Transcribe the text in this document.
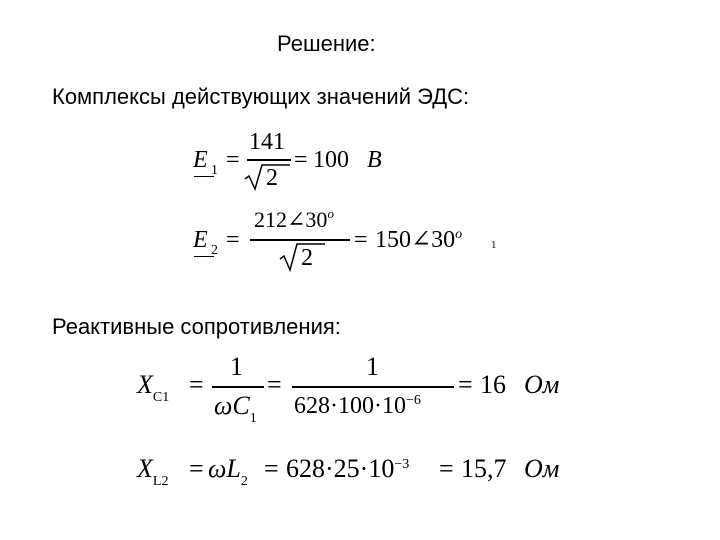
Решение:
Комплексы действующих значений ЭДС:
Реактивные сопротивления:
E 1 =
141
2
= 100 В
E 2 =
$212\angle 30^o$
2
= $150\angle 30^o$
1
$X_{C1}$ =
1
$\omega C_1$
=
1
$628\cdot 100\cdot 10^{-6}$
= 16 Ом
$X_{L2} = \omega L_2 = 628\cdot 25\cdot 10^{-3} = 15,7$ Ом
